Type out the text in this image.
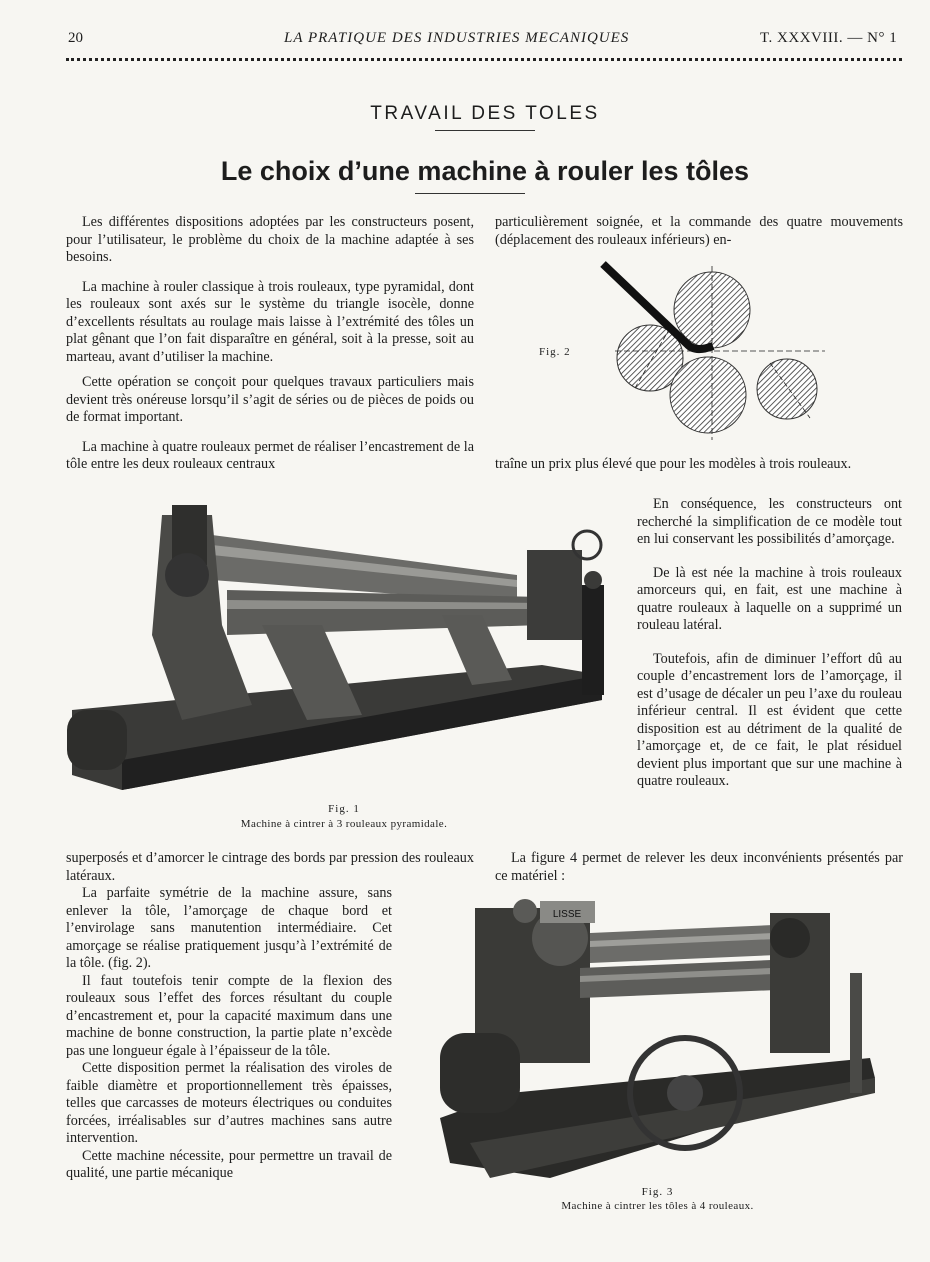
20	LA PRATIQUE DES INDUSTRIES MECANIQUES	T. XXXVIII. — N° 1
TRAVAIL DES TOLES
Le choix d’une machine à rouler les tôles

Les différentes dispositions adoptées par les constructeurs posent, pour l’utilisateur, le problème du choix de la machine adaptée à ses besoins.

La machine à rouler classique à trois rouleaux, type pyramidal, dont les rouleaux sont axés sur le système du triangle isocèle, donne d’excellents résultats au roulage mais laisse à l’extrémité des tôles un plat gênant que l’on fait disparaître en général, soit à la presse, soit au marteau, avant d’utiliser la machine.

Cette opération se conçoit pour quelques travaux particuliers mais devient très onéreuse lorsqu’il s’agit de séries ou de pièces de poids ou de format important.

La machine à quatre rouleaux permet de réaliser l’encastrement de la tôle entre les deux rouleaux centraux

particulièrement soignée, et la commande des quatre mouvements (déplacement des rouleaux inférieurs) en-

Fig. 2

traîne un prix plus élevé que pour les modèles à trois rouleaux.

Fig. 1
Machine à cintrer à 3 rouleaux pyramidale.

En conséquence, les constructeurs ont recherché la simplification de ce modèle tout en lui conservant les possibilités d’amorçage.

De là est née la machine à trois rouleaux amorceurs qui, en fait, est une machine à quatre rouleaux à laquelle on a supprimé un rouleau latéral.

Toutefois, afin de diminuer l’effort dû au couple d’encastrement lors de l’amorçage, il est d’usage de décaler un peu l’axe du rouleau inférieur central. Il est évident que cette disposition est au détriment de la qualité de l’amorçage et, de ce fait, le plat résiduel devient plus important que sur une machine à quatre rouleaux.

superposés et d’amorcer le cintrage des bords par pression des rouleaux latéraux.

La parfaite symétrie de la machine assure, sans enlever la tôle, l’amorçage de chaque bord et l’envirolage sans manutention intermédiaire. Cet amorçage se réalise pratiquement jusqu’à l’extrémité de la tôle. (fig. 2).

Il faut toutefois tenir compte de la flexion des rouleaux sous l’effet des forces résultant du couple d’encastrement et, pour la capacité maximum dans une machine de bonne construction, la partie plate n’excède pas une longueur égale à l’épaisseur de la tôle.

Cette disposition permet la réalisation des viroles de faible diamètre et proportionnellement très épaisses, telles que carcasses de moteurs électriques ou conduites forcées, irréalisables sur d’autres machines sans autre intervention.

Cette machine nécessite, pour permettre un travail de qualité, une partie mécanique

La figure 4 permet de relever les deux inconvénients présentés par ce matériel :

LISSE
Fig. 3
Machine à cintrer les tôles à 4 rouleaux.
